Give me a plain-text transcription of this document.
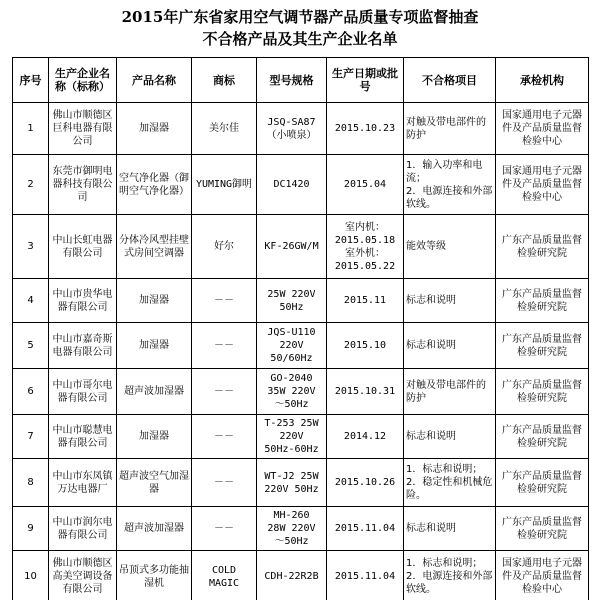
2015年广东省家用空气调节器产品质量专项监督抽查
不合格产品及其生产企业名单
序号	生产企业名称（标称）	产品名称	商标	型号规格	生产日期或批号	不合格项目	承检机构

1	佛山市顺德区巨科电器有限公司	加湿器	美尔佳	JSQ-SA87
（小喷泉）	2015.10.23	对触及带电部件的防护	国家通用电子元器件及产品质量监督检验中心

2	东莞市御明电器科技有限公司	空气净化器（御明空气净化器）	YUMING御明	DC1420	2015.04	1．输入功率和电流；
2．电源连接和外部软线。	国家通用电子元器件及产品质量监督检验中心

3	中山长虹电器有限公司	分体冷风型挂壁式房间空调器	好尔	KF-26GW/M	室内机：
2015.05.18
室外机：
2015.05.22	能效等级	广东产品质量监督检验研究院

4	中山市贵华电器有限公司	加湿器	－－	25W 220V
50Hz	2015.11	标志和说明	广东产品质量监督检验研究院

5	中山市嘉奇斯电器有限公司	加湿器	－－	JQS-U110
220V
50/60Hz	2015.10	标志和说明	广东产品质量监督检验研究院

6	中山市哥尔电器有限公司	超声波加湿器	－－	GO-2040
35W 220V
～50Hz	2015.10.31	对触及带电部件的防护	广东产品质量监督检验研究院

7	中山市聪慧电器有限公司	加湿器	－－	T-253 25W
220V
50Hz-60Hz	2014.12	标志和说明	广东产品质量监督检验研究院

8	中山市东凤镇万达电器厂	超声波空气加湿器	－－	WT-J2 25W
220V 50Hz	2015.10.26	1．标志和说明；
2．稳定性和机械危险。	广东产品质量监督检验研究院

9	中山市润尔电器有限公司	超声波加湿器	－－	MH-260
28W 220V
～50Hz	2015.11.04	标志和说明	广东产品质量监督检验研究院

10	佛山市顺德区高美空调设备有限公司	吊顶式多功能抽湿机	COLD
MAGIC	CDH-22R2B	2015.11.04	1．标志和说明；
2．电源连接和外部软线。	国家通用电子元器件及产品质量监督检验中心
